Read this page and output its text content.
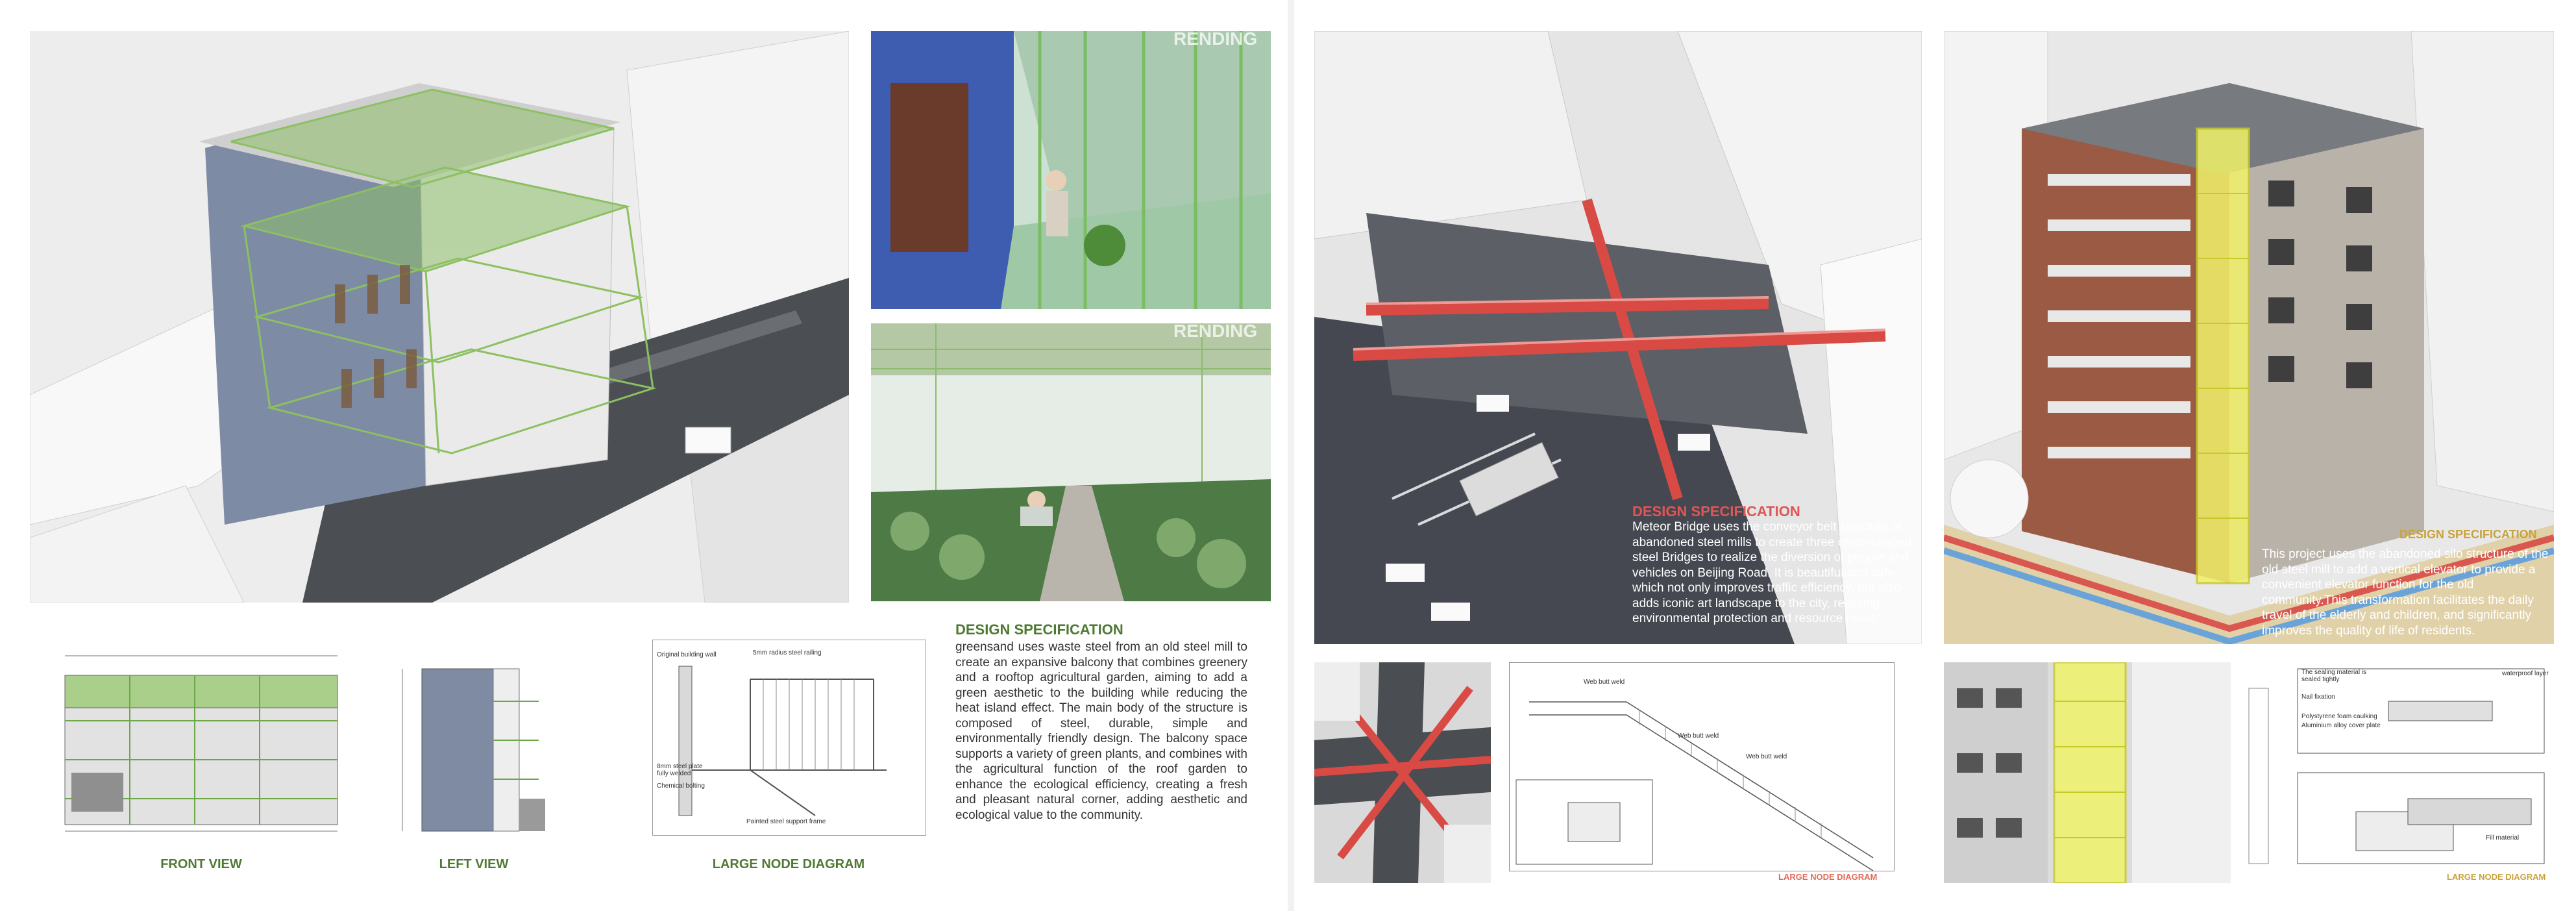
RENDING
RENDING
FRONT VIEW	LEFT VIEW
Original building wall	5mm radius steel railing
8mm steel plate fully welded
Chemical bolting
Painted steel support frame
LARGE NODE DIAGRAM
DESIGN SPECIFICATION
greensand uses waste steel from an old steel mill to create an expansive balcony that combines greenery and a rooftop agricultural garden, aiming to add a green aesthetic to the building while reducing the heat island effect. The main body of the structure is composed of steel, durable, simple and environmentally friendly design. The balcony space supports a variety of green plants, and combines with the agricultural function of the roof garden to enhance the ecological efficiency, creating a fresh and pleasant natural corner, adding aesthetic and ecological value to the community.
DESIGN SPECIFICATION
Meteor Bridge uses the conveyor belt structure of abandoned steel mills to create three cross-shaped steel Bridges to realize the diversion of people and vehicles on Beijing Road. It is beautiful and safe, which not only improves traffic efficiency, but also adds iconic art landscape to the city, realizing environmental protection and resource reuse.
Web butt weld
Web butt weld
Web butt weld
LARGE NODE DIAGRAM
DESIGN SPECIFICATION
This project uses the abandoned silo structure of the old steel mill to add a vertical elevator to provide a convenient elevator function for the old community.This transformation facilitates the daily travel of the elderly and children, and significantly improves the quality of life of residents.
The sealing material is sealed tightly
Polystyrene foam caulking
Aluminium alloy cover plate
Nail fixation
waterproof layer
Fill material
LARGE NODE DIAGRAM
